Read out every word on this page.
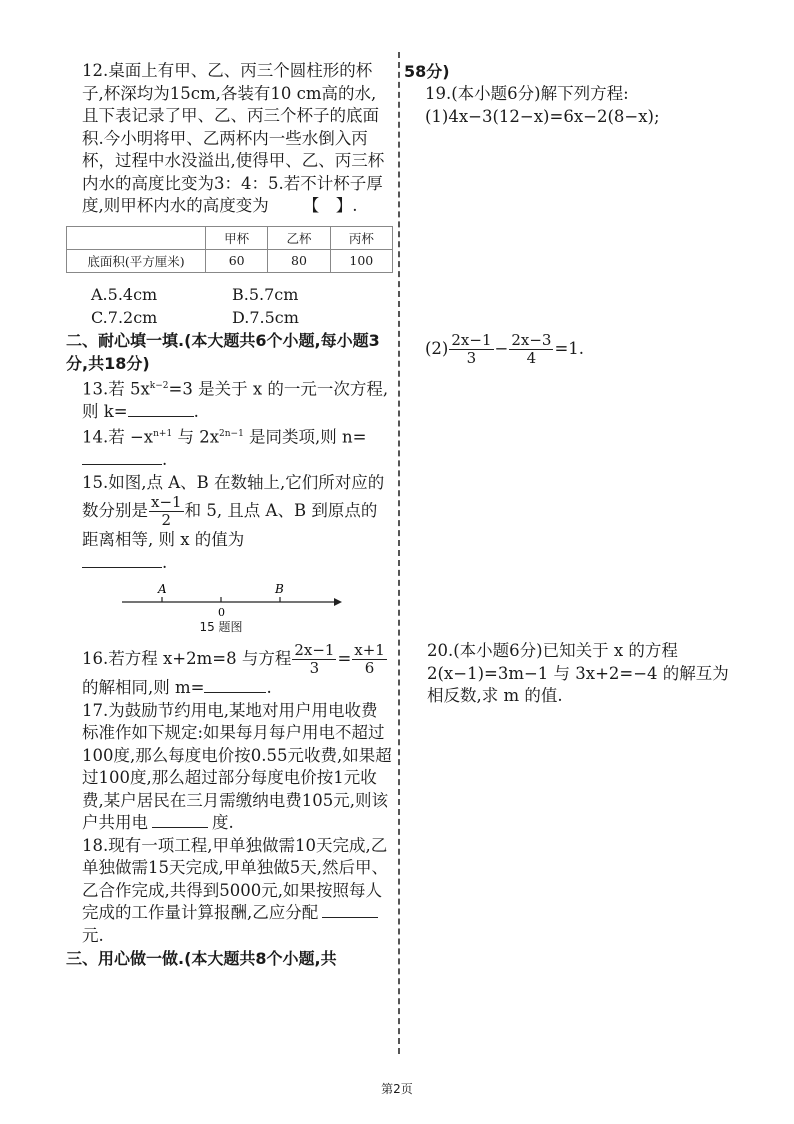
12.桌面上有甲、乙、丙三个圆柱形的杯子,杯深均为15cm,各装有10 cm高的水,且下表记录了甲、乙、丙三个杯子的底面积.今小明将甲、乙两杯内一些水倒入丙杯，过程中水没溢出,使得甲、乙、丙三杯内水的高度比变为3：4：5.若不计杯子厚度,则甲杯内水的高度变为 【　】.
	甲杯	乙杯	丙杯
底面积(平方厘米)	60	80	100
A.5.4cm	B.5.7cm
C.7.2cm	D.7.5cm
二、耐心填一填.(本大题共6个小题,每小题3分,共18分)
13.若 $5x^{k-2}=3$ 是关于 x 的一元一次方程,则 k=	.
14.若 $-x^{n+1}$ 与 $2x^{2n-1}$ 是同类项,则 n=
.
15.如图,点 A、B 在数轴上,它们所对应的数分别是 $\frac{x-1}{2}$ 和 5, 且点 A、B 到原点的距离相等, 则 x 的值为
.
A
0
B
15 题图
16.若方程 x+2m=8 与方程 $\frac{2x-1}{3} = \frac{x+1}{6}$

的解相同,则 m=	.
17.为鼓励节约用电,某地对用户用电收费标准作如下规定:如果每月每户用电不超过100度,那么每度电价按0.55元收费,如果超过100度,那么超过部分每度电价按1元收费,某户居民在三月需缴纳电费105元,则该户共用电	度.
18.现有一项工程,甲单独做需10天完成,乙单独做需15天完成,甲单独做5天,然后甲、乙合作完成,共得到5000元,如果按照每人完成的工作量计算报酬,乙应分配元.
三、用心做一做.(本大题共8个小题,共
58分)
19.(本小题6分)解下列方程:
(1)4x−3(12−x)=6x−2(8−x);
$(2) \frac{2x-1}{3} - \frac{2x-3}{4} =1$.
20.(本小题6分)已知关于 x 的方程 2(x−1)=3m−1 与 3x+2=−4 的解互为相反数,求 m 的值.
第2页
